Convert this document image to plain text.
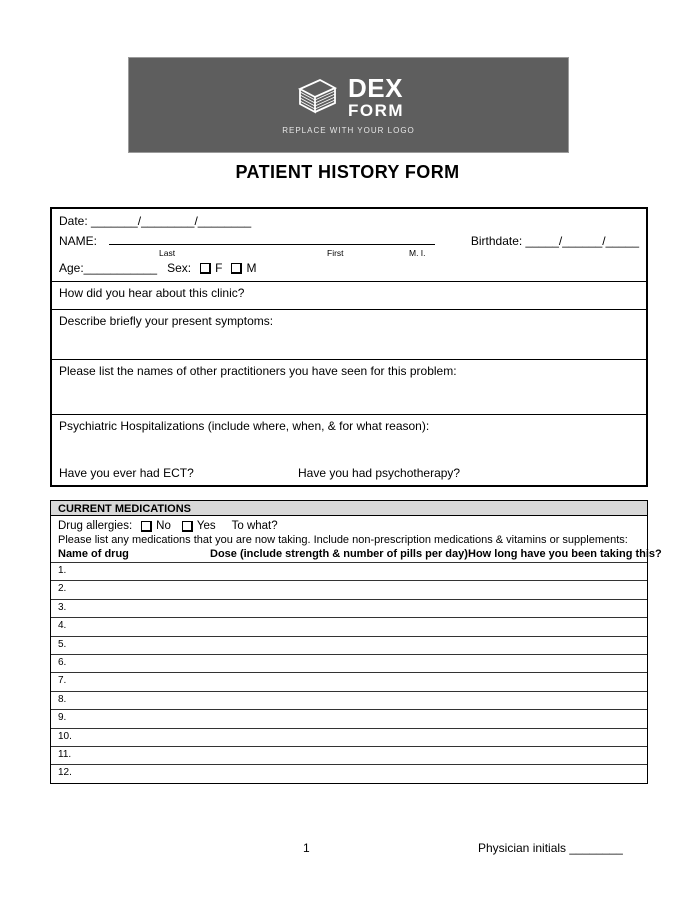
DEX
FORM
REPLACE WITH YOUR LOGO
PATIENT HISTORY FORM
Date: _______/________/________
NAME:	Birthdate: _____/______/_____
Last	First	M. I.
Age:___________ Sex: F M
How did you hear about this clinic?
Describe briefly your present symptoms:
Please list the names of other practitioners you have seen for this problem:
Psychiatric Hospitalizations (include where, when, & for what reason):
Have you ever had ECT?	Have you had psychotherapy?
CURRENT MEDICATIONS
Drug allergies: No Yes To what?
Please list any medications that you are now taking. Include non-prescription medications & vitamins or supplements:
Name of drug	Dose (include strength & number of pills per day) How long have you been taking this?
1.
2.
3.
4.
5.
6.
7.
8.
9.
10.
11.
12.
1	Physician initials ________
